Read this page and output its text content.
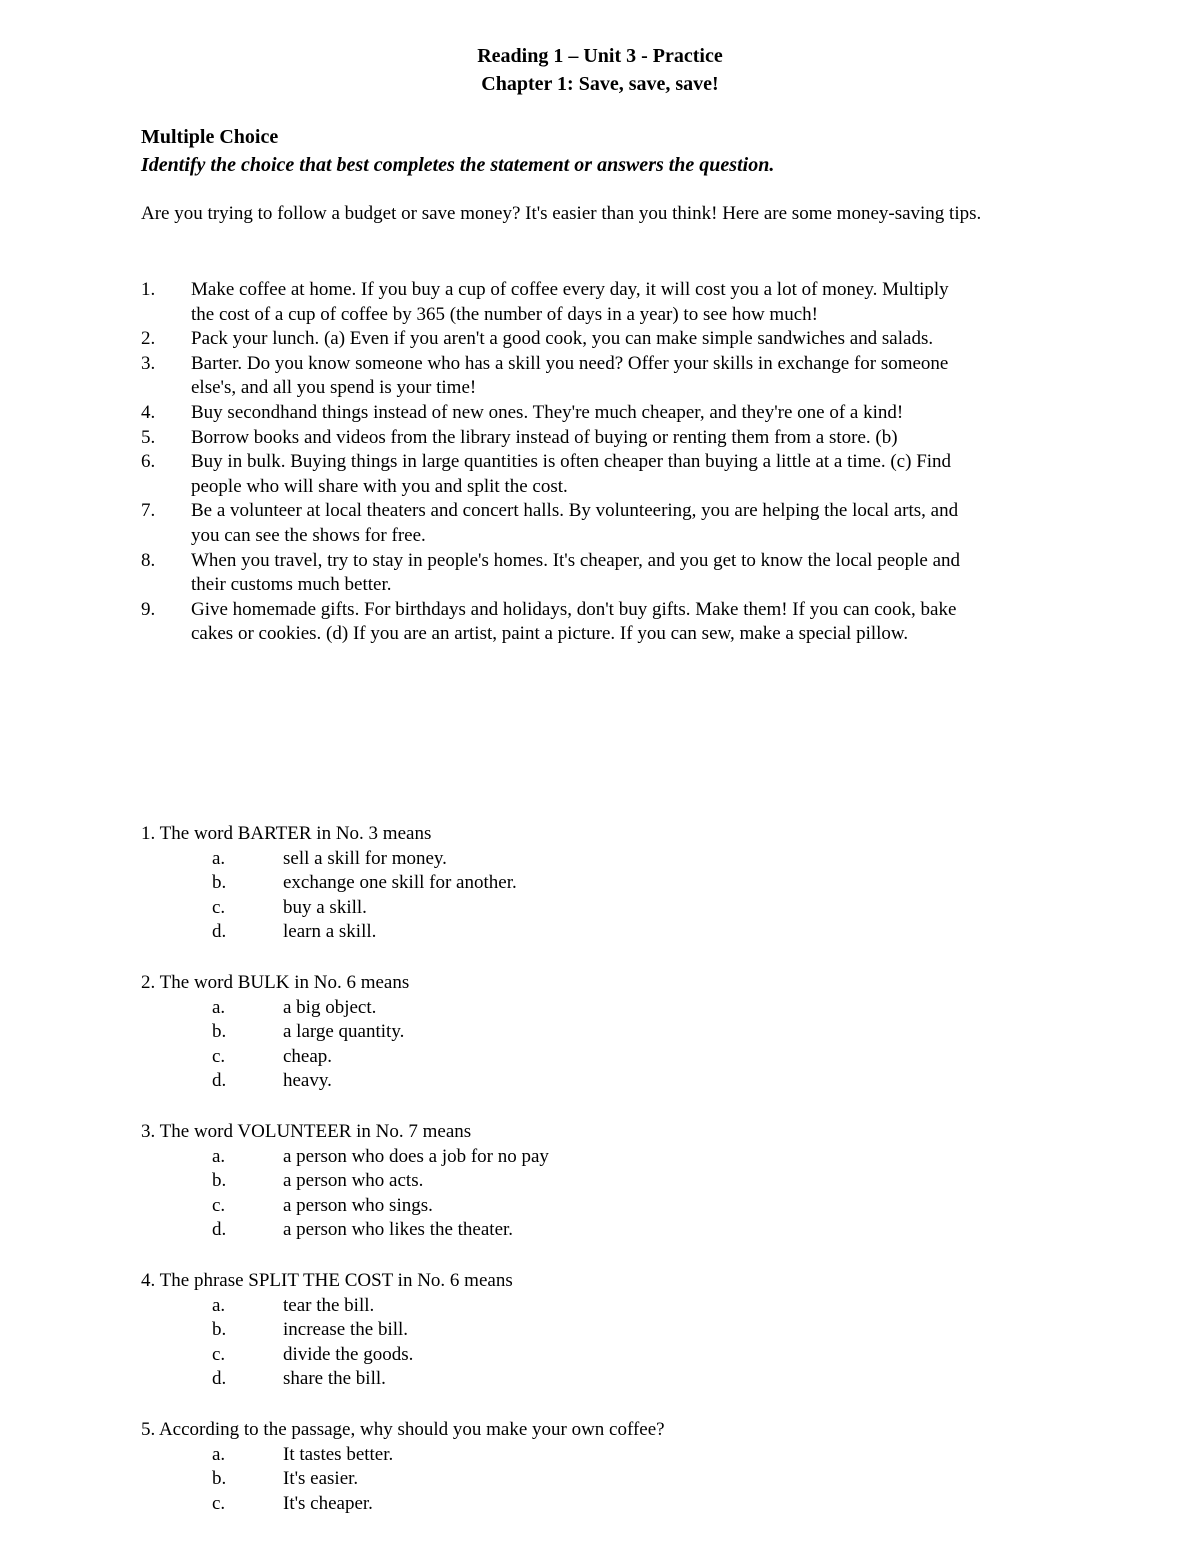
Reading 1 – Unit 3 - Practice
Chapter 1: Save, save, save!
Multiple Choice
Identify the choice that best completes the statement or answers the question.
Are you trying to follow a budget or save money? It's easier than you think! Here are some money-saving tips.
1.	Make coffee at home. If you buy a cup of coffee every day, it will cost you a lot of money. Multiply the cost of a cup of coffee by 365 (the number of days in a year) to see how much!
2.	Pack your lunch. (a) Even if you aren't a good cook, you can make simple sandwiches and salads.
3.	Barter. Do you know someone who has a skill you need? Offer your skills in exchange for someone else's, and all you spend is your time!
4.	Buy secondhand things instead of new ones. They're much cheaper, and they're one of a kind!
5.	Borrow books and videos from the library instead of buying or renting them from a store. (b)
6.	Buy in bulk. Buying things in large quantities is often cheaper than buying a little at a time. (c) Find people who will share with you and split the cost.
7.	Be a volunteer at local theaters and concert halls. By volunteering, you are helping the local arts, and you can see the shows for free.
8.	When you travel, try to stay in people's homes. It's cheaper, and you get to know the local people and their customs much better.
9.	Give homemade gifts. For birthdays and holidays, don't buy gifts. Make them! If you can cook, bake cakes or cookies. (d) If you are an artist, paint a picture. If you can sew, make a special pillow.
1. The word BARTER in No. 3 means
a.	sell a skill for money.
b.	exchange one skill for another.
c.	buy a skill.
d.	learn a skill.
2. The word BULK in No. 6 means
a.	a big object.
b.	a large quantity.
c.	cheap.
d.	heavy.
3. The word VOLUNTEER in No. 7 means
a.	a person who does a job for no pay
b.	a person who acts.
c.	a person who sings.
d.	a person who likes the theater.
4. The phrase SPLIT THE COST in No. 6 means
a.	tear the bill.
b.	increase the bill.
c.	divide the goods.
d.	share the bill.
5. According to the passage, why should you make your own coffee?
a.	It tastes better.
b.	It's easier.
c.	It's cheaper.
